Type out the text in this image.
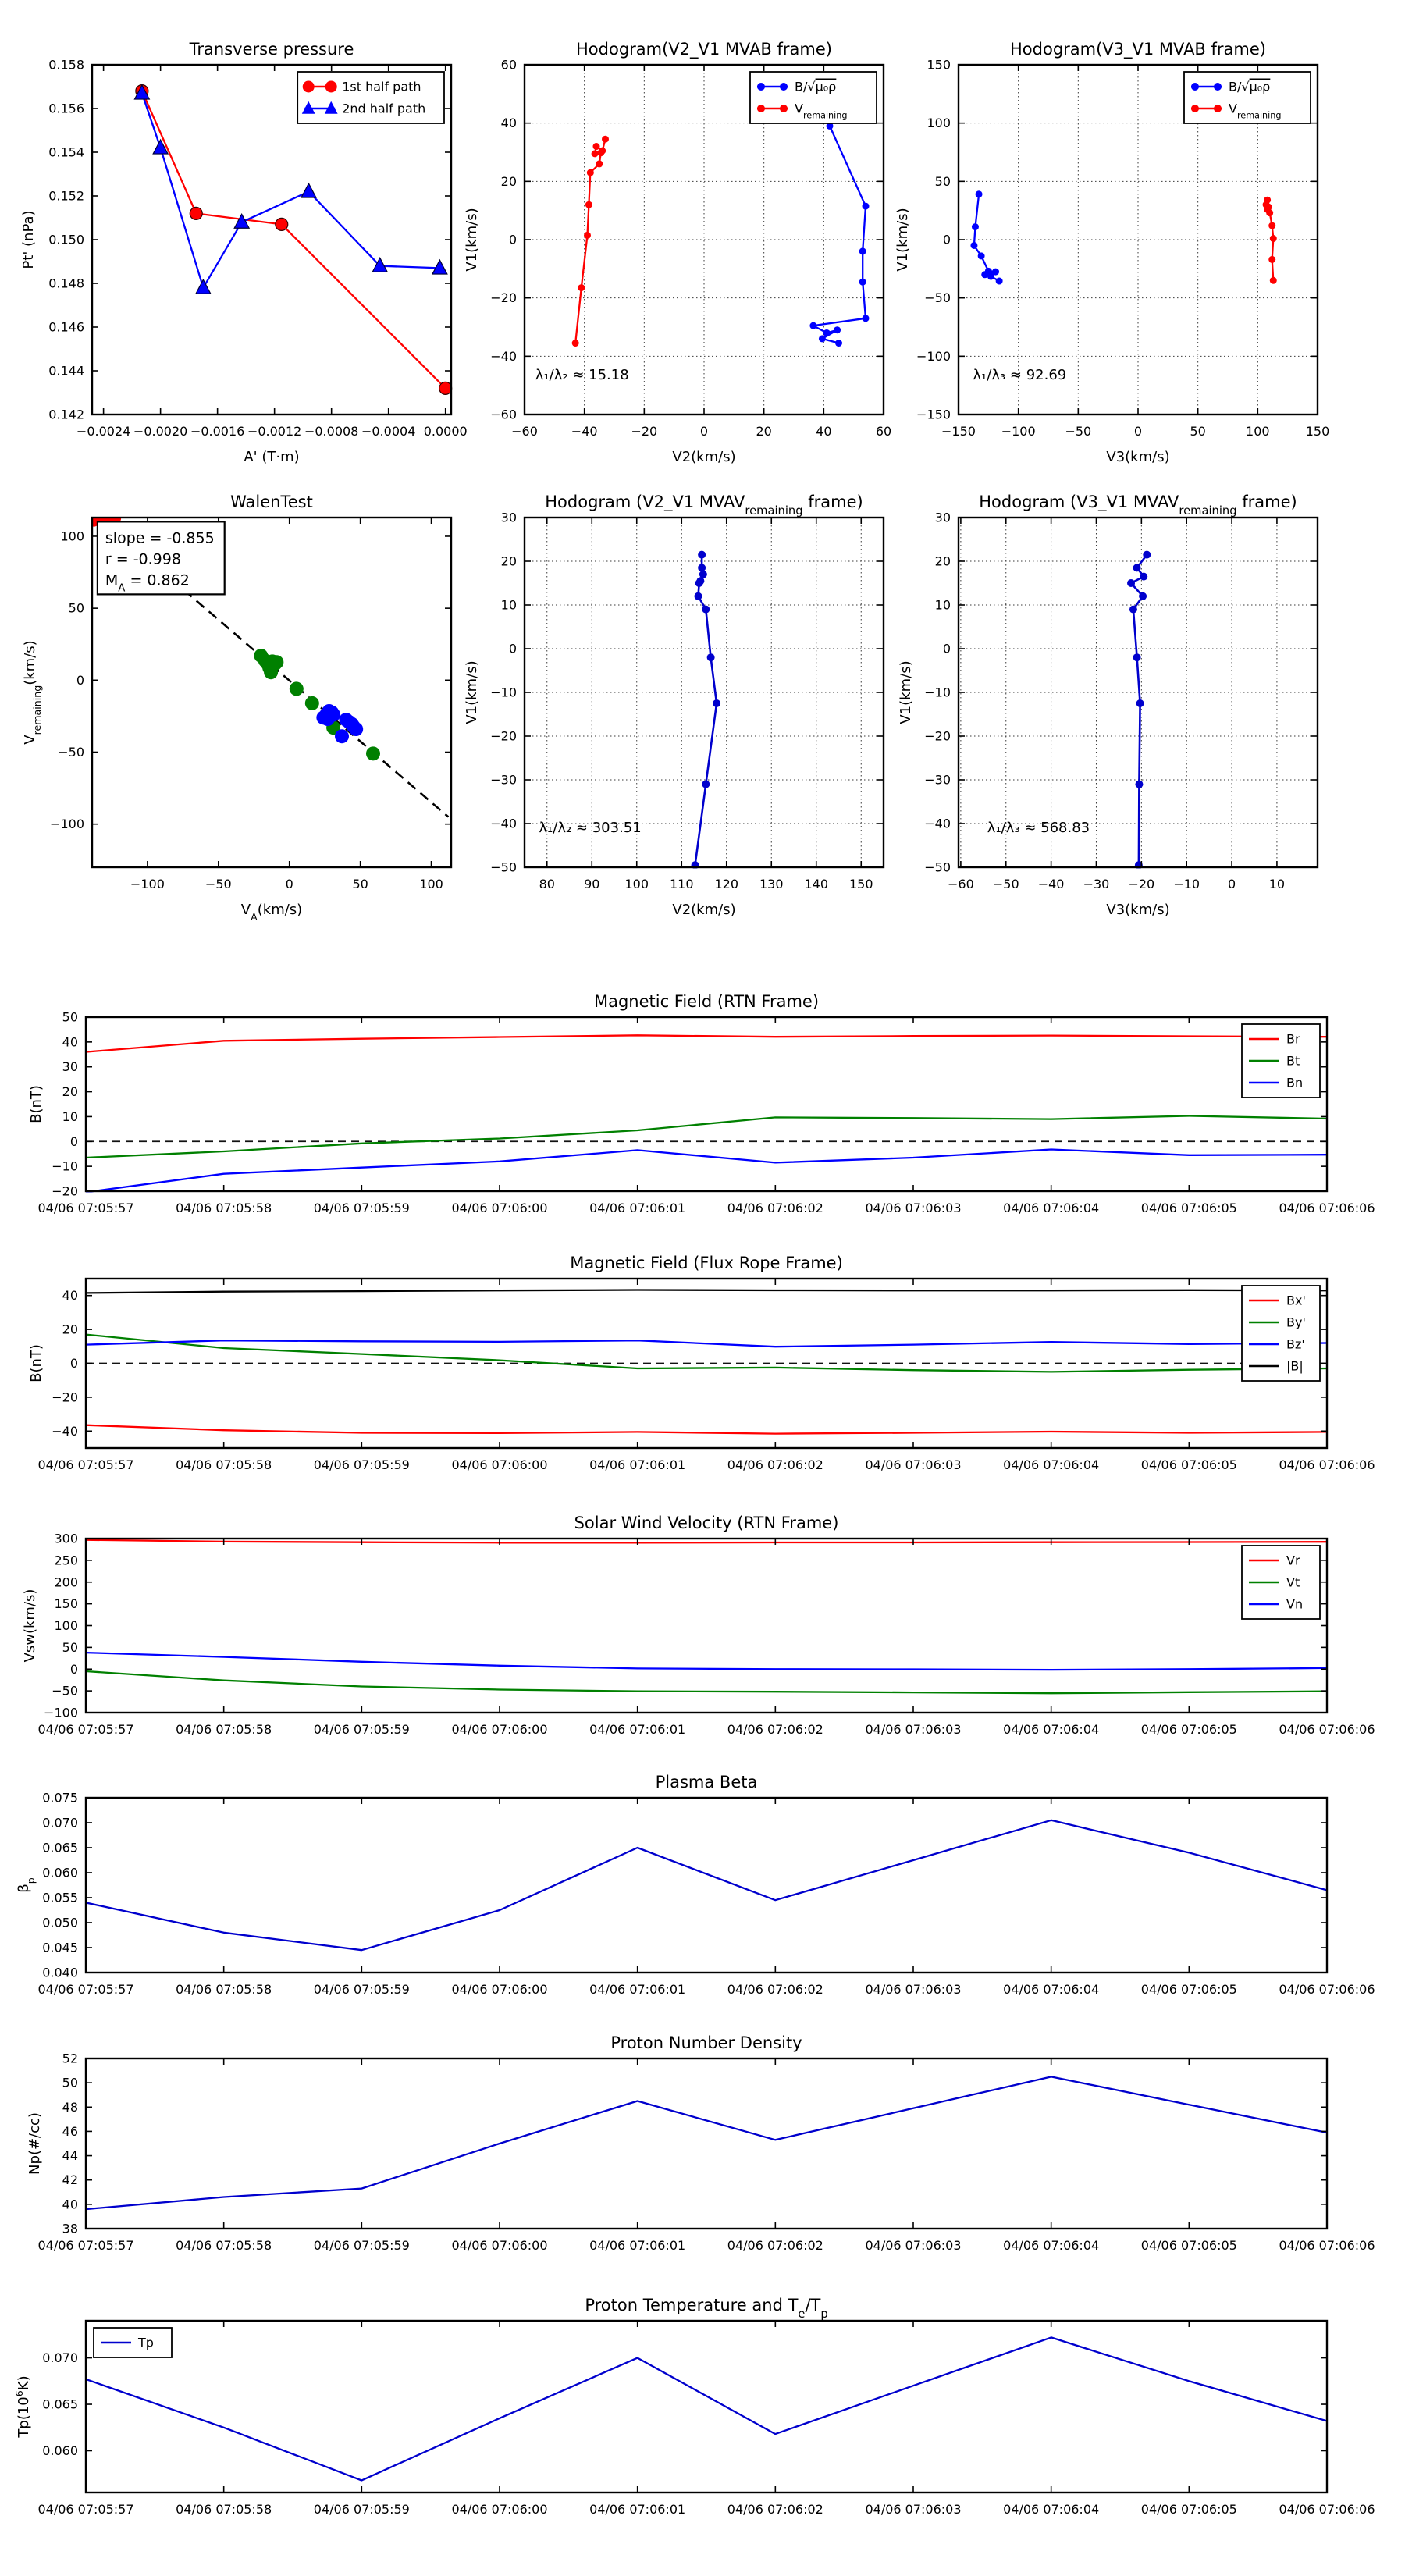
−0.0024 −0.0020 −0.0016 −0.0012 −0.0008 −0.0004 0.0000
0.142
0.144
0.146
0.148
0.150
0.152
0.154
0.156
0.158
Transverse pressure
A' (T·m)
Pt' (nPa)
1st half path
2nd half path
−60	−40	−20	0	20	40	60
−60
−40
−20
0
20
40
60
Hodogram(V2_V1 MVAB frame)
V2(km/s)
V1(km/s)
B/√μ₀ρ
$V_{remaining}$
λ₁/λ₂ ≈ 15.18
−150 −100 −50	0	50	100	150
−150
−100
−50
0
50
100
150
Hodogram(V3_V1 MVAB frame)
V3(km/s)
V1(km/s)
B/√μ₀ρ
$V_{remaining}$
λ₁/λ₃ ≈ 92.69
−100	−50	0	50	100
−100
−50
0
50
100
WalenTest
$V_A(km/s)$
$V_{remaining}(km/s)$
slope = -0.855
r = -0.998
$M_A = 0.862$
80 90 100 110 120 130 140 150
−50
−40
−30
−20
−10
0
10
20
30
Hodogram (V2_V1 $MVAV_{remaining}$ frame)
V2(km/s)
V1(km/s)
λ₁/λ₂ ≈ 303.51
−60 −50 −40 −30 −20 −10 0	10
−50
−40
−30
−20
−10
0
10
20
30
Hodogram (V3_V1 $MVAV_{remaining}$ frame)
V3(km/s)
V1(km/s)
λ₁/λ₃ ≈ 568.83
04/06 07:05:57	04/06 07:05:58	04/06 07:05:59	04/06 07:06:00	04/06 07:06:01	04/06 07:06:02	04/06 07:06:03	04/06 07:06:04	04/06 07:06:05	04/06 07:06:06
−20
−10
0
10
20
30
40
50
Magnetic Field (RTN Frame)
B(nT)
Br
Bt
Bn
04/06 07:05:57	04/06 07:05:58	04/06 07:05:59	04/06 07:06:00	04/06 07:06:01	04/06 07:06:02	04/06 07:06:03	04/06 07:06:04	04/06 07:06:05	04/06 07:06:06
−40
−20
0
20
40
Magnetic Field (Flux Rope Frame)
B(nT)
Bx'
By'
Bz'
|B|
04/06 07:05:57	04/06 07:05:58	04/06 07:05:59	04/06 07:06:00	04/06 07:06:01	04/06 07:06:02	04/06 07:06:03	04/06 07:06:04	04/06 07:06:05	04/06 07:06:06
−100
−50
0
50
100
150
200
250
300
Solar Wind Velocity (RTN Frame)
Vsw(km/s)
Vr
Vt
Vn
04/06 07:05:57	04/06 07:05:58	04/06 07:05:59	04/06 07:06:00	04/06 07:06:01	04/06 07:06:02	04/06 07:06:03	04/06 07:06:04	04/06 07:06:05	04/06 07:06:06
0.040
0.045
0.050
0.055
0.060
0.065
0.070
0.075
Plasma Beta
$\beta_p$
04/06 07:05:57	04/06 07:05:58	04/06 07:05:59	04/06 07:06:00	04/06 07:06:01	04/06 07:06:02	04/06 07:06:03	04/06 07:06:04	04/06 07:06:05	04/06 07:06:06
38
40
42
44
46
48
50
52
Proton Number Density
Np(#/cc)
04/06 07:05:57	04/06 07:05:58	04/06 07:05:59	04/06 07:06:00	04/06 07:06:01	04/06 07:06:02	04/06 07:06:03	04/06 07:06:04	04/06 07:06:05	04/06 07:06:06
0.060
0.065
0.070
Proton Temperature and $T_e/T_p$
$Tp(10^6K)$
Tp
